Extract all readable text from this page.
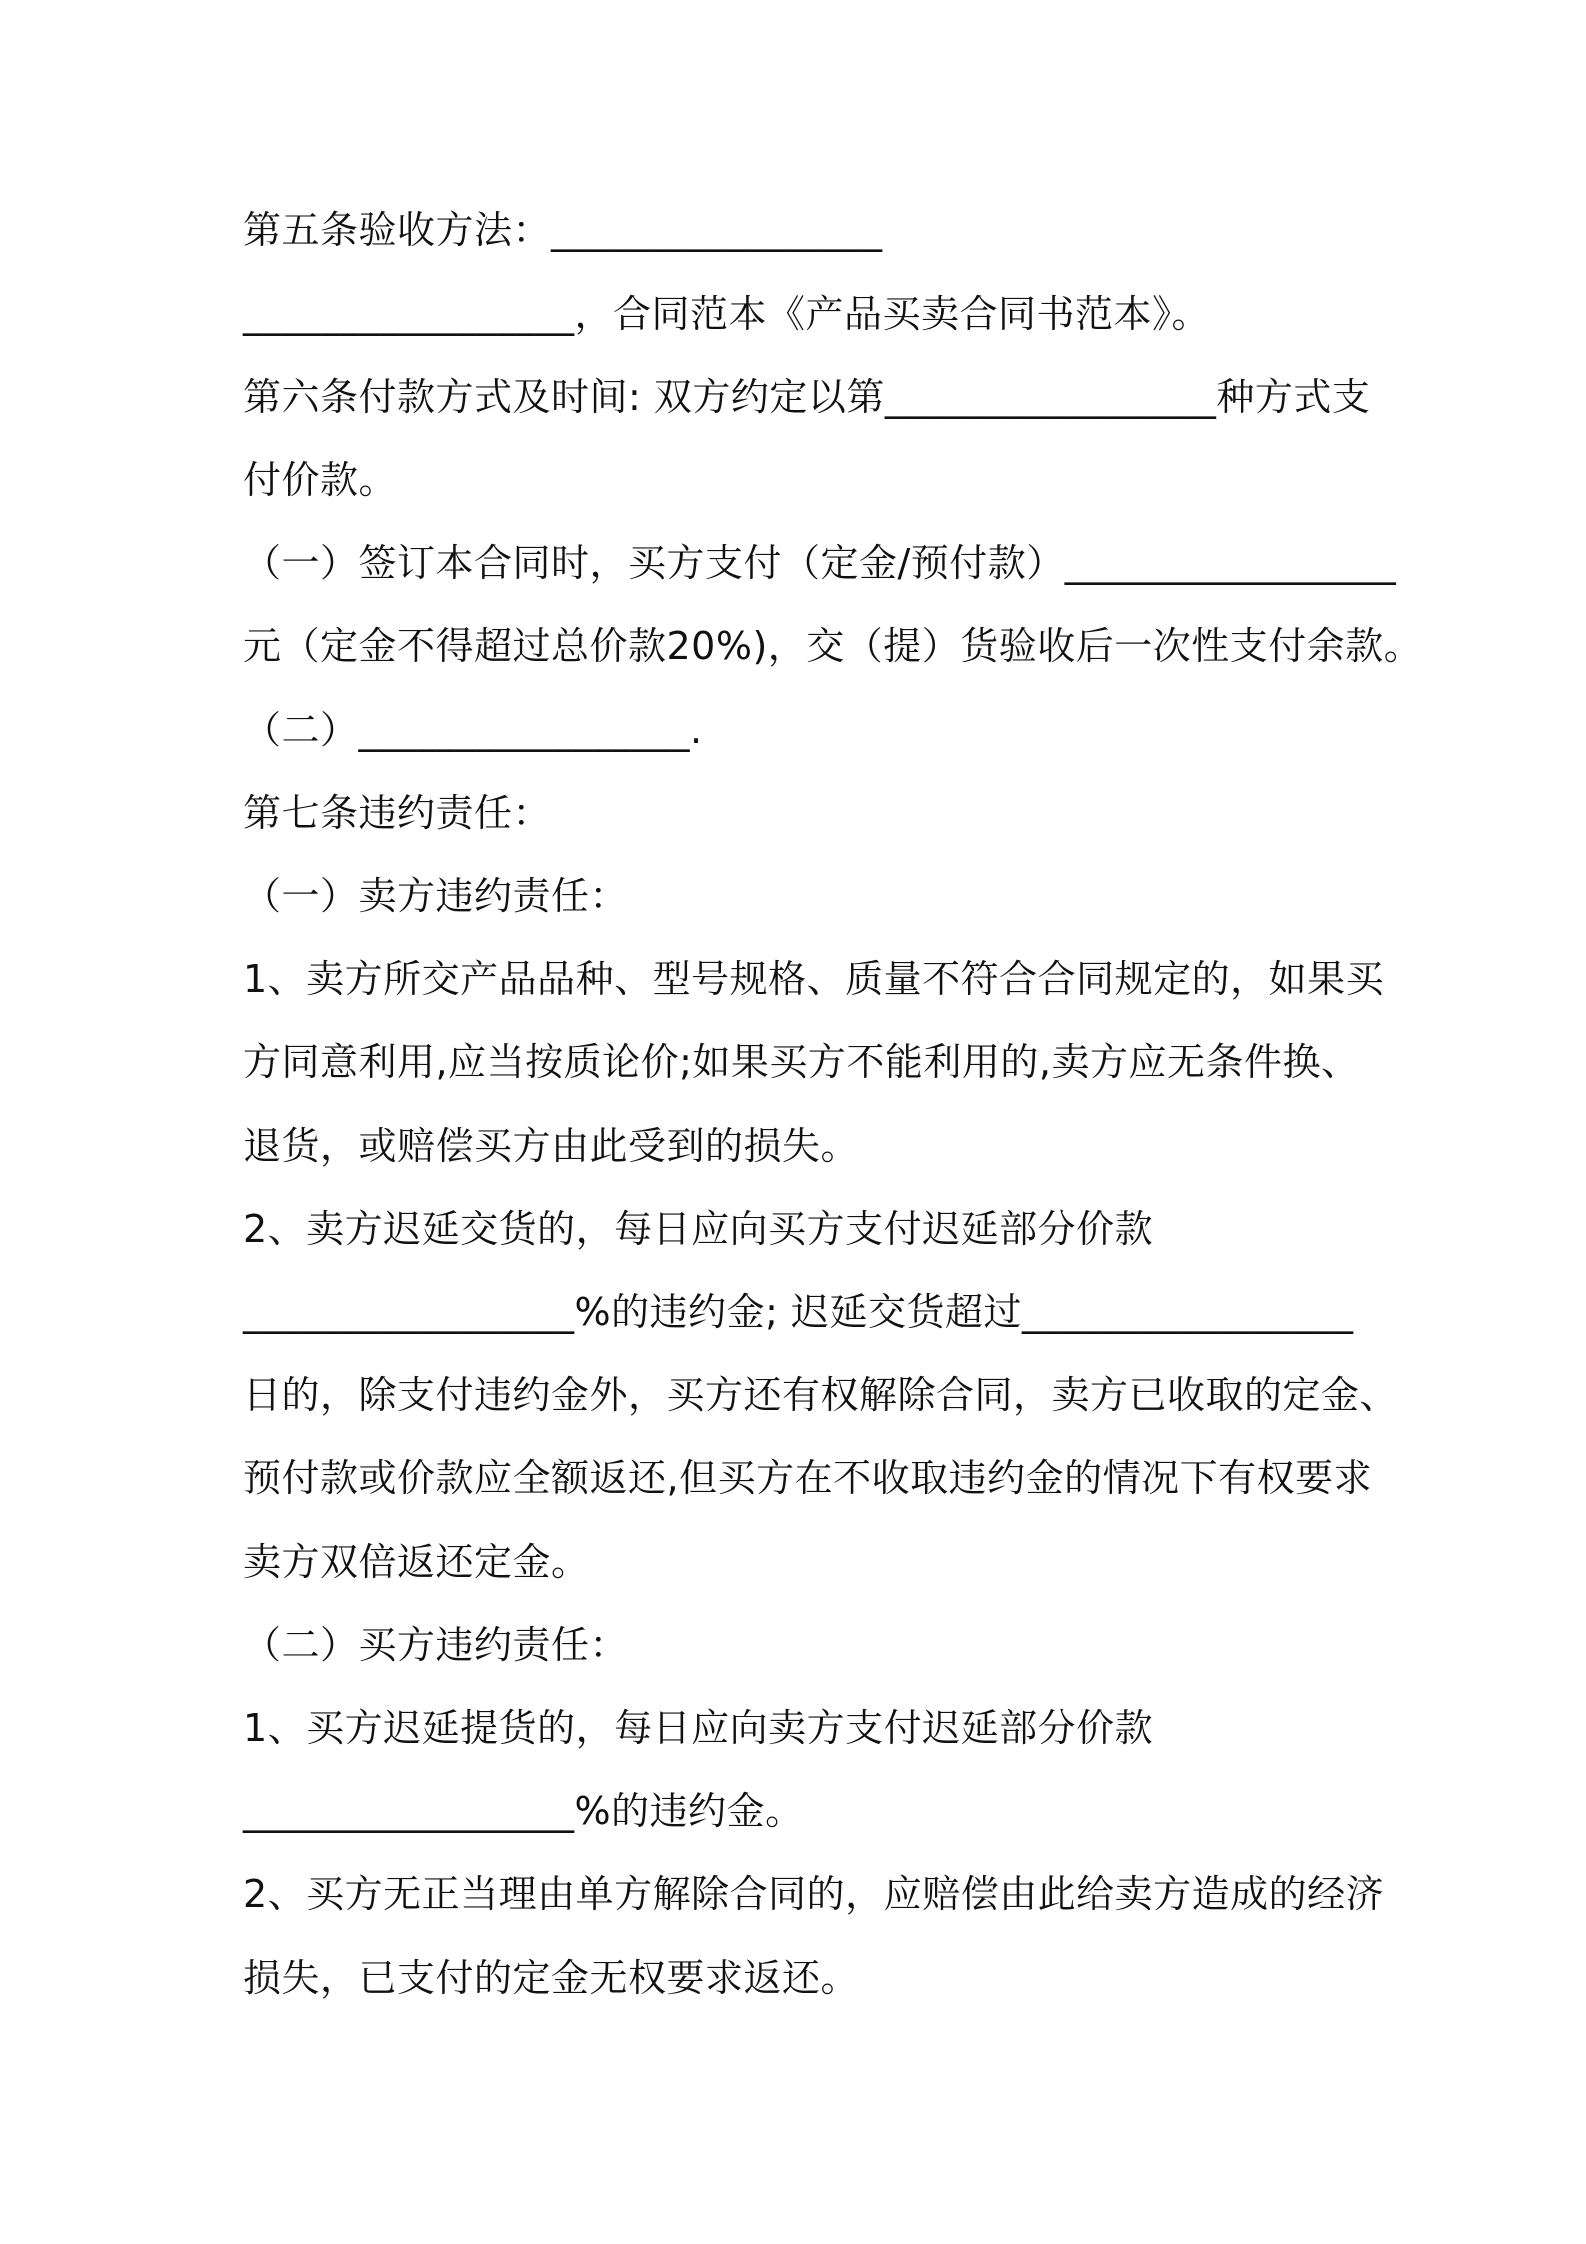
第五条验收方法：_________________
_________________，合同范本《产品买卖合同书范本》。
第六条付款方式及时间: 双方约定以第_________________种方式支
付价款。
（一）签订本合同时，买方支付（定金/预付款）_________________
元（定金不得超过总价款20%)，交（提）货验收后一次性支付余款。
（二）_________________.
第七条违约责任：
（一）卖方违约责任：
1、卖方所交产品品种、型号规格、质量不符合合同规定的，如果买
方同意利用,应当按质论价;如果买方不能利用的,卖方应无条件换、
退货，或赔偿买方由此受到的损失。
2、卖方迟延交货的，每日应向买方支付迟延部分价款
_________________%的违约金; 迟延交货超过_________________
日的，除支付违约金外，买方还有权解除合同，卖方已收取的定金、
预付款或价款应全额返还,但买方在不收取违约金的情况下有权要求
卖方双倍返还定金。
（二）买方违约责任：
1、买方迟延提货的，每日应向卖方支付迟延部分价款
_________________%的违约金。
2、买方无正当理由单方解除合同的，应赔偿由此给卖方造成的经济
损失，已支付的定金无权要求返还。
